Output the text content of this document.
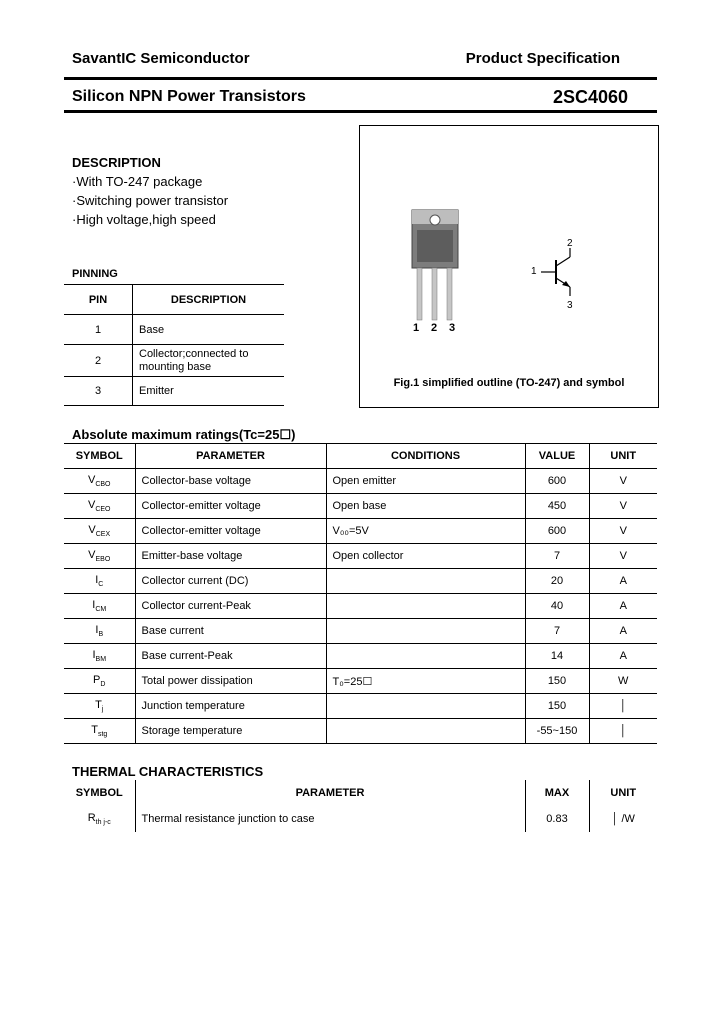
SavantIC Semiconductor	Product Specification
Silicon NPN Power Transistors	2SC4060
DESCRIPTION
·With TO-247 package
·Switching power transistor
·High voltage,high speed
PINNING
PIN	DESCRIPTION
1	Base
2	Collector;connected to mounting base
3	Emitter
1 2 3
1
2
3
Fig.1 simplified outline (TO-247) and symbol
Absolute maximum ratings(Tc=25☐)
SYMBOL	PARAMETER	CONDITIONS	VALUE	UNIT
$V_{CBO}$	Collector-base voltage	Open emitter	600	V
$V_{CEO}$	Collector-emitter voltage	Open base	450	V
$V_{CEX}$	Collector-emitter voltage	V₀₀=5V	600	V
$V_{EBO}$	Emitter-base voltage	Open collector	7	V
$I_C$	Collector current (DC)		20	A
$I_{CM}$	Collector current-Peak		40	A
$I_B$	Base current		7	A
$I_{BM}$	Base current-Peak		14	A
$P_D$	Total power dissipation	T₀=25☐	150	W
$T_j$	Junction temperature		150	│
$T_{stg}$	Storage temperature		-55~150	│
THERMAL CHARACTERISTICS
SYMBOL	PARAMETER	MAX	UNIT
$R_{th j-c}$	Thermal resistance junction to case	0.83	│ /W
